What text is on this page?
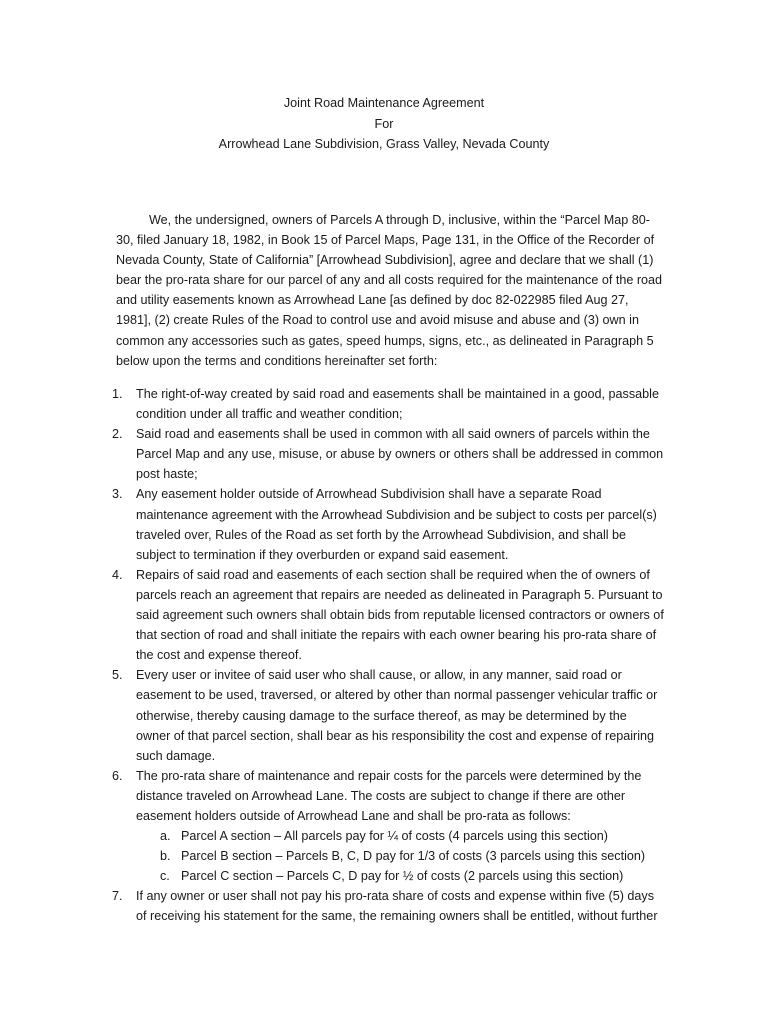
Joint Road Maintenance Agreement
For
Arrowhead Lane Subdivision, Grass Valley, Nevada County

We, the undersigned, owners of Parcels A through D, inclusive, within the “Parcel Map 80-30, filed January 18, 1982, in Book 15 of Parcel Maps, Page 131, in the Office of the Recorder of Nevada County, State of California” [Arrowhead Subdivision], agree and declare that we shall (1) bear the pro-rata share for our parcel of any and all costs required for the maintenance of the road and utility easements known as Arrowhead Lane [as defined by doc 82-022985 filed Aug 27, 1981], (2) create Rules of the Road to control use and avoid misuse and abuse and (3) own in common any accessories such as gates, speed humps, signs, etc., as delineated in Paragraph 5 below upon the terms and conditions hereinafter set forth:

1.	The right-of-way created by said road and easements shall be maintained in a good, passable condition under all traffic and weather condition;
2.	Said road and easements shall be used in common with all said owners of parcels within the Parcel Map and any use, misuse, or abuse by owners or others shall be addressed in common post haste;
3.	Any easement holder outside of Arrowhead Subdivision shall have a separate Road maintenance agreement with the Arrowhead Subdivision and be subject to costs per parcel(s) traveled over, Rules of the Road as set forth by the Arrowhead Subdivision, and shall be subject to termination if they overburden or expand said easement.
4.	Repairs of said road and easements of each section shall be required when the of owners of parcels reach an agreement that repairs are needed as delineated in Paragraph 5. Pursuant to said agreement such owners shall obtain bids from reputable licensed contractors or owners of that section of road and shall initiate the repairs with each owner bearing his pro-rata share of the cost and expense thereof.
5.	Every user or invitee of said user who shall cause, or allow, in any manner, said road or easement to be used, traversed, or altered by other than normal passenger vehicular traffic or otherwise, thereby causing damage to the surface thereof, as may be determined by the owner of that parcel section, shall bear as his responsibility the cost and expense of repairing such damage.
6.	The pro-rata share of maintenance and repair costs for the parcels were determined by the distance traveled on Arrowhead Lane. The costs are subject to change if there are other easement holders outside of Arrowhead Lane and shall be pro-rata as follows:
a. Parcel A section – All parcels pay for ¼ of costs (4 parcels using this section)
b. Parcel B section – Parcels B, C, D pay for 1/3 of costs (3 parcels using this section)
c. Parcel C section – Parcels C, D pay for ½ of costs (2 parcels using this section)
7.	If any owner or user shall not pay his pro-rata share of costs and expense within five (5) days of receiving his statement for the same, the remaining owners shall be entitled, without further
